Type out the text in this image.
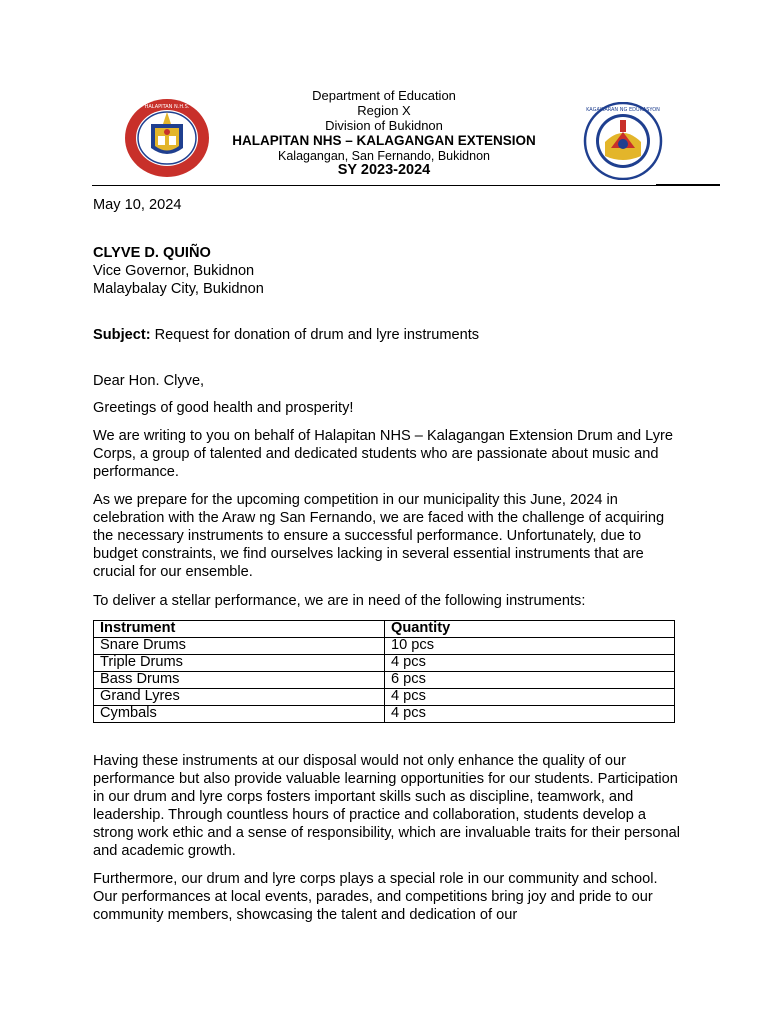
HALAPITAN N.H.S.	KAGAWARAN NG EDUKASYON
Department of Education
Region X
Division of Bukidnon
HALAPITAN NHS – KALAGANGAN EXTENSION
Kalagangan, San Fernando, Bukidnon
SY 2023-2024

May 10, 2024

CLYVE D. QUIÑO

Vice Governor, Bukidnon

Malaybalay City, Bukidnon

Subject: Request for donation of drum and lyre instruments

Dear Hon. Clyve,

Greetings of good health and prosperity!

We are writing to you on behalf of Halapitan NHS – Kalagangan Extension Drum and Lyre Corps, a group of talented and dedicated students who are passionate about music and performance.

As we prepare for the upcoming competition in our municipality this June, 2024 in celebration with the Araw ng San Fernando, we are faced with the challenge of acquiring the necessary instruments to ensure a successful performance. Unfortunately, due to budget constraints, we find ourselves lacking in several essential instruments that are crucial for our ensemble.

To deliver a stellar performance, we are in need of the following instruments:

Instrument	Quantity
Snare Drums	10 pcs
Triple Drums	4 pcs
Bass Drums	6 pcs
Grand Lyres	4 pcs
Cymbals	4 pcs

Having these instruments at our disposal would not only enhance the quality of our performance but also provide valuable learning opportunities for our students. Participation in our drum and lyre corps fosters important skills such as discipline, teamwork, and leadership. Through countless hours of practice and collaboration, students develop a strong work ethic and a sense of responsibility, which are invaluable traits for their personal and academic growth.

Furthermore, our drum and lyre corps plays a special role in our community and school. Our performances at local events, parades, and competitions bring joy and pride to our community members, showcasing the talent and dedication of our
